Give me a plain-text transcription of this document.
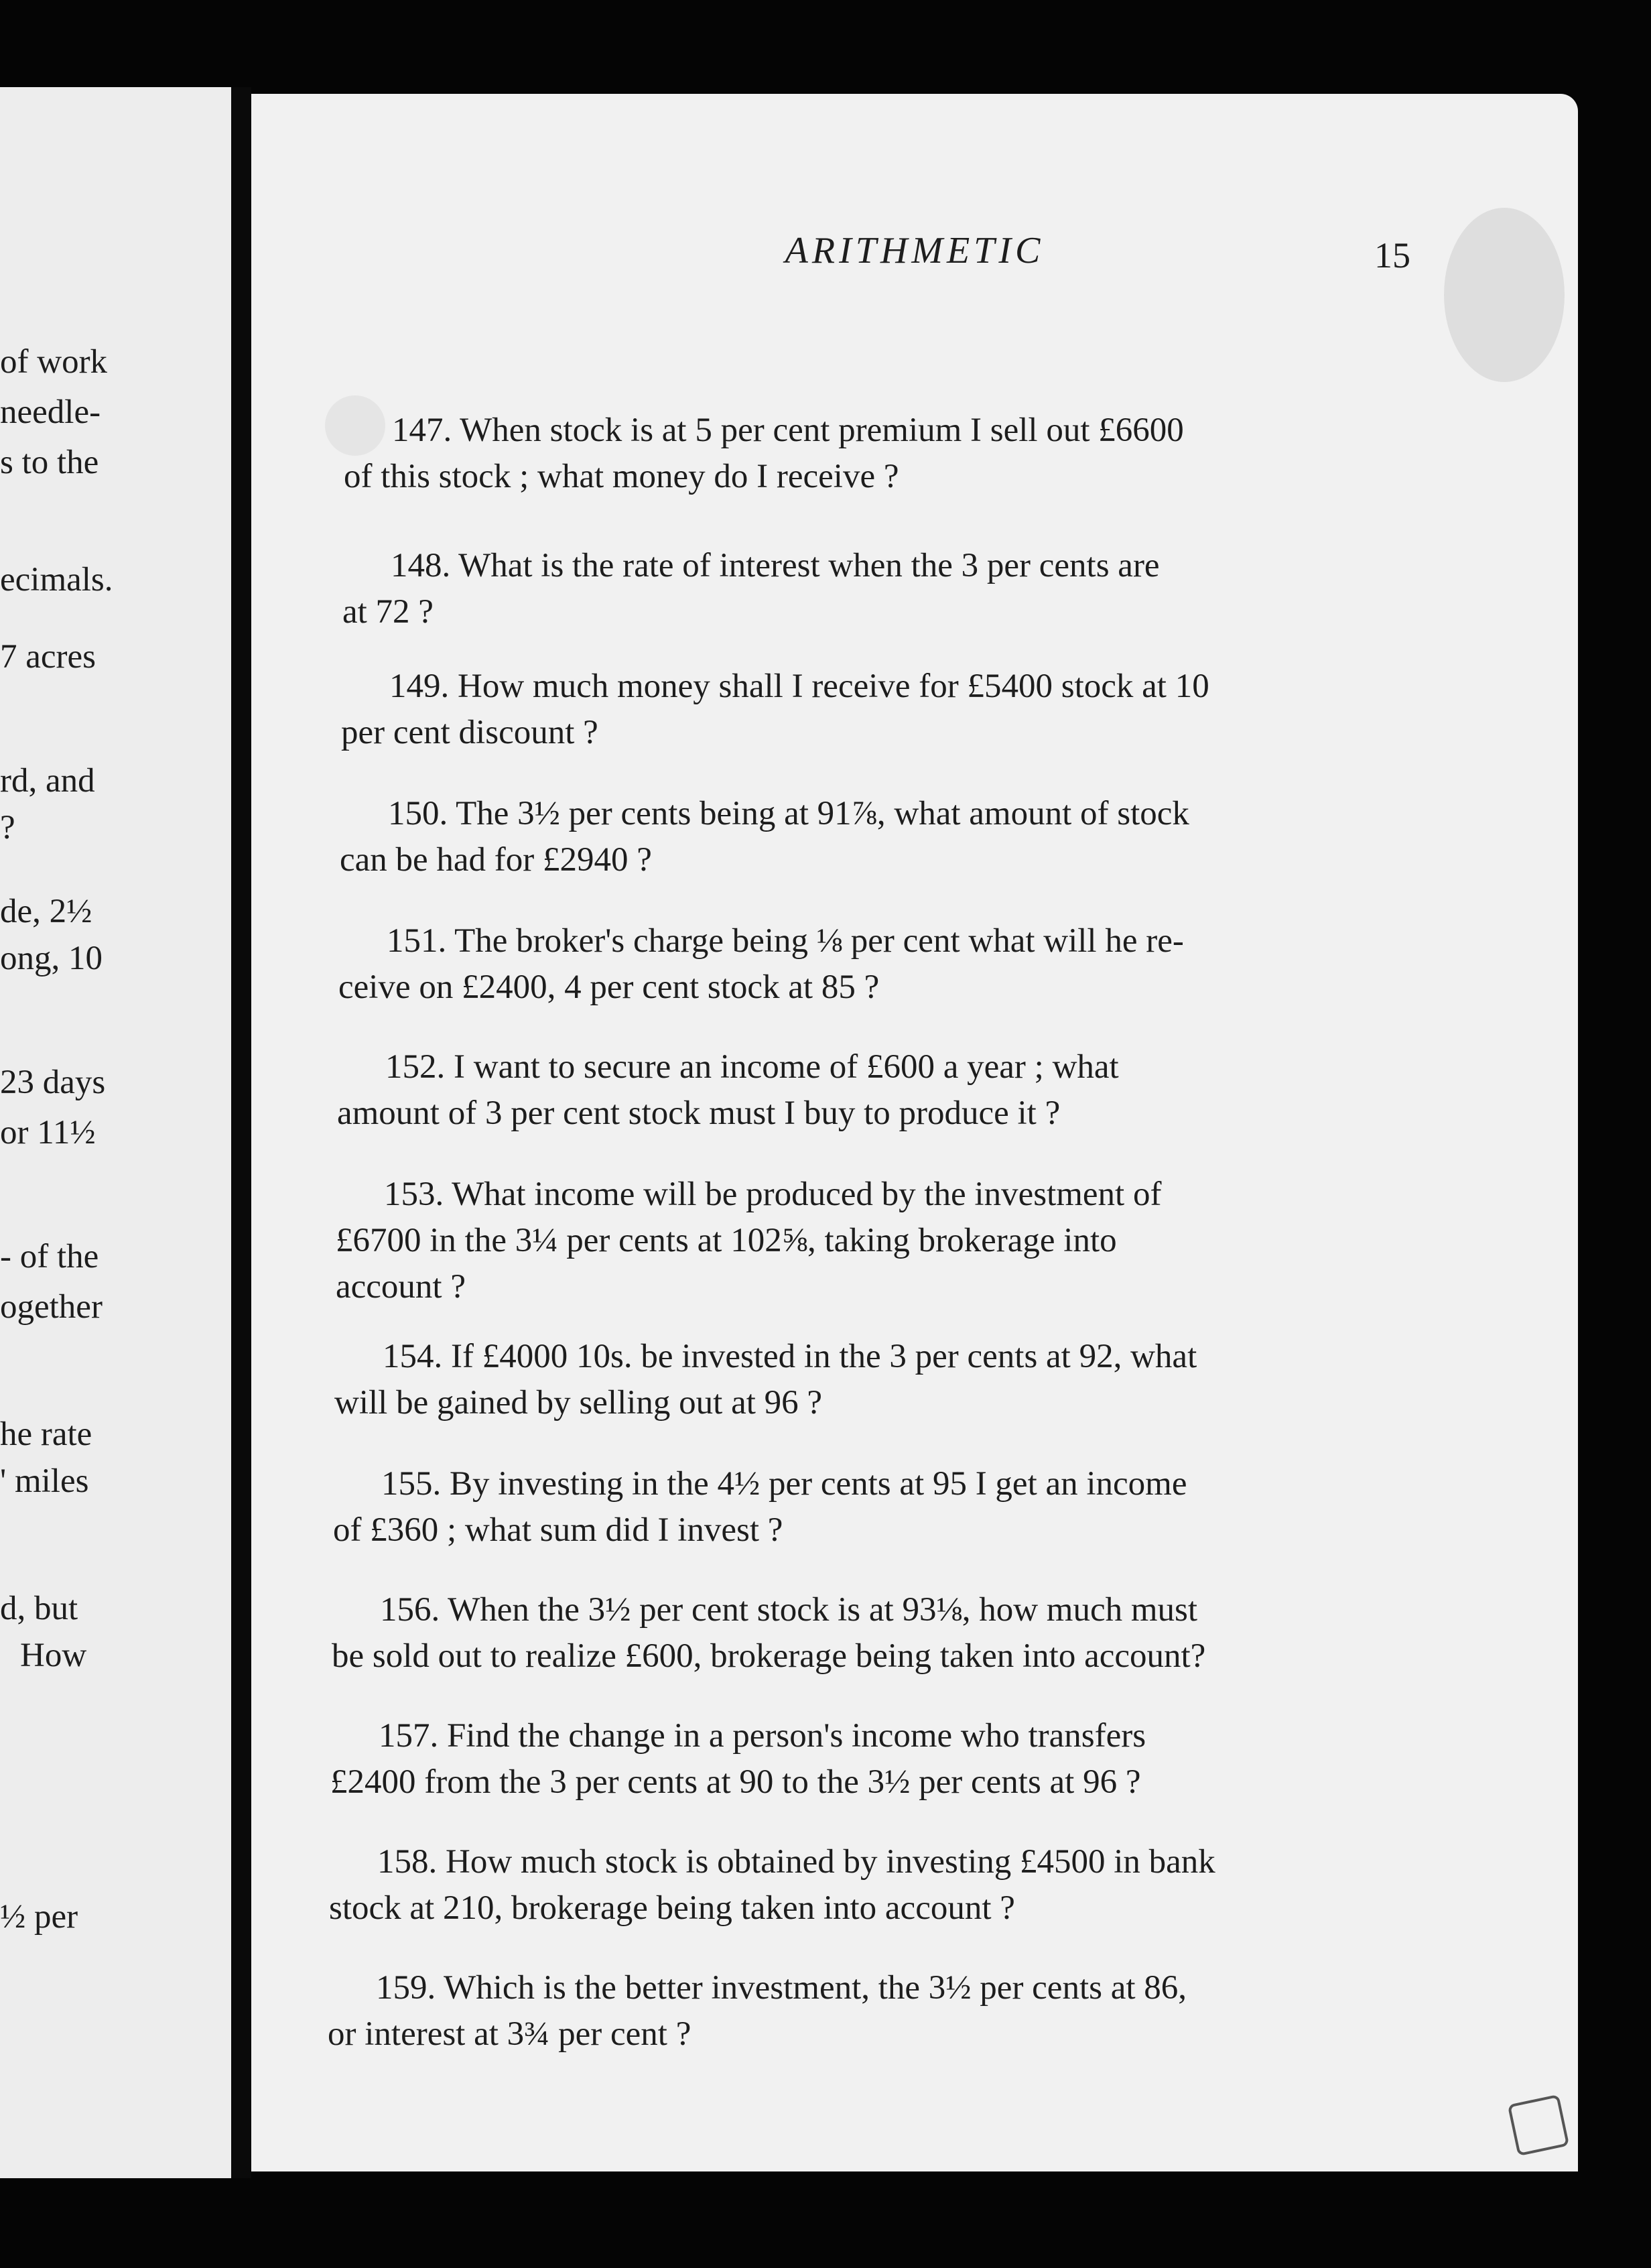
of work
needle-
s to the
ecimals.
7 acres
rd, and
?
de, 2½
ong, 10
23 days
or 11½
- of the
ogether
he rate
' miles
d, but
How
½ per
ARITHMETIC	15
147. When stock is at 5 per cent premium I sell out £6600
of this stock ; what money do I receive ?
148. What is the rate of interest when the 3 per cents are
at 72 ?
149. How much money shall I receive for £5400 stock at 10
per cent discount ?
150. The 3½ per cents being at 91⅞, what amount of stock
can be had for £2940 ?
151. The broker's charge being ⅛ per cent what will he re-
ceive on £2400, 4 per cent stock at 85 ?
152. I want to secure an income of £600 a year ; what
amount of 3 per cent stock must I buy to produce it ?
153. What income will be produced by the investment of
£6700 in the 3¼ per cents at 102⅝, taking brokerage into
account ?
154. If £4000 10s. be invested in the 3 per cents at 92, what
will be gained by selling out at 96 ?
155. By investing in the 4½ per cents at 95 I get an income
of £360 ; what sum did I invest ?
156. When the 3½ per cent stock is at 93⅛, how much must
be sold out to realize £600, brokerage being taken into account?
157. Find the change in a person's income who transfers
£2400 from the 3 per cents at 90 to the 3½ per cents at 96 ?
158. How much stock is obtained by investing £4500 in bank
stock at 210, brokerage being taken into account ?
159. Which is the better investment, the 3½ per cents at 86,
or interest at 3¾ per cent ?
